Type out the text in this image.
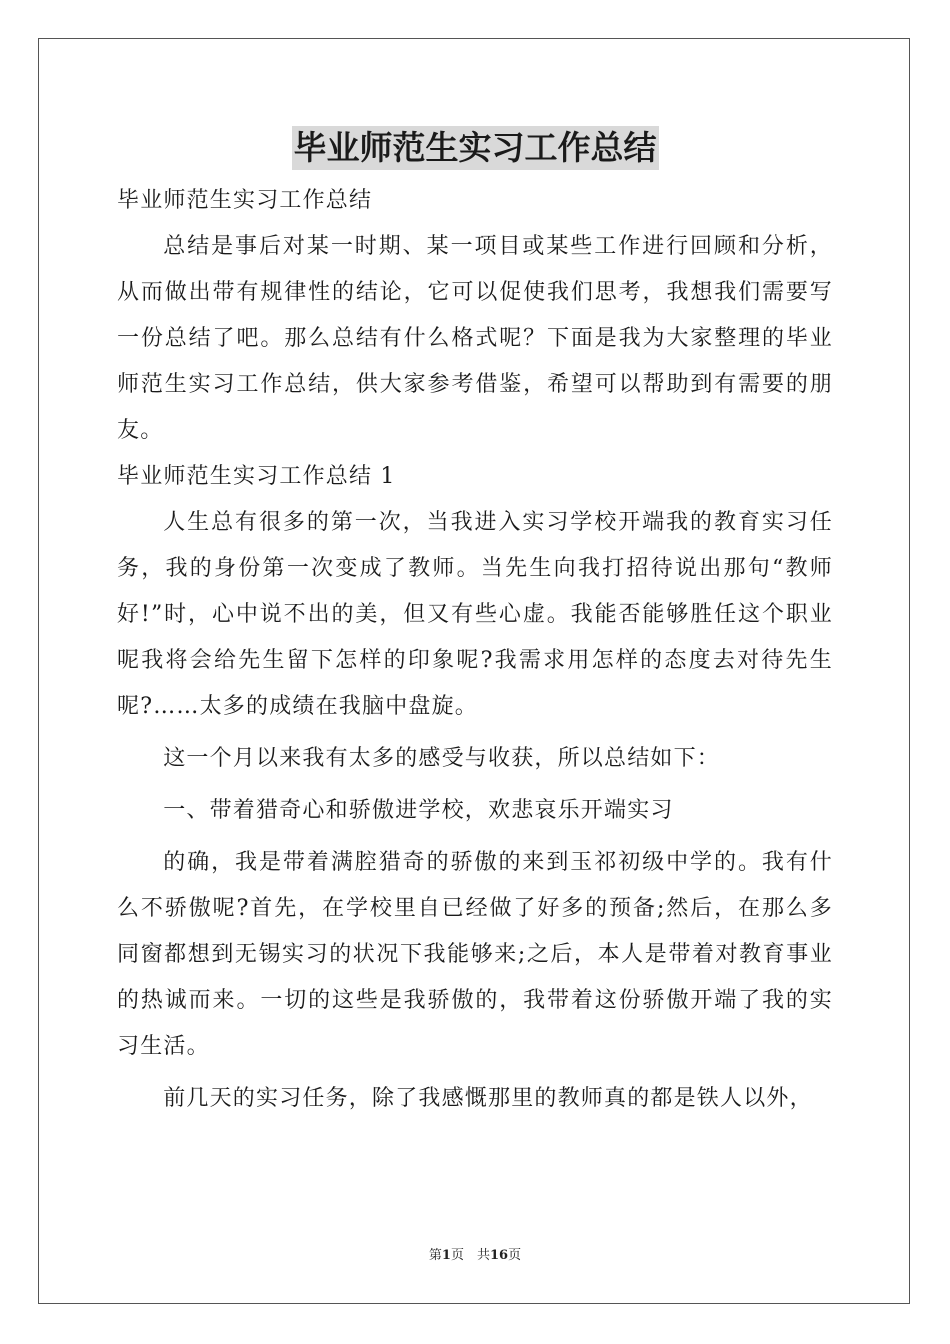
毕业师范生实习工作总结

毕业师范生实习工作总结

总结是事后对某一时期、某一项目或某些工作进行回顾和分析，从而做出带有规律性的结论，它可以促使我们思考，我想我们需要写一份总结了吧。那么总结有什么格式呢？下面是我为大家整理的毕业师范生实习工作总结，供大家参考借鉴，希望可以帮助到有需要的朋友。

毕业师范生实习工作总结 1

人生总有很多的第一次，当我进入实习学校开端我的教育实习任务，我的身份第一次变成了教师。当先生向我打招待说出那句“教师好!”时，心中说不出的美，但又有些心虚。我能否能够胜任这个职业呢我将会给先生留下怎样的印象呢?我需求用怎样的态度去对待先生呢?……太多的成绩在我脑中盘旋。

这一个月以来我有太多的感受与收获，所以总结如下：

一、带着猎奇心和骄傲进学校，欢悲哀乐开端实习

的确，我是带着满腔猎奇的骄傲的来到玉祁初级中学的。我有什么不骄傲呢?首先，在学校里自已经做了好多的预备;然后，在那么多同窗都想到无锡实习的状况下我能够来;之后，本人是带着对教育事业的热诚而来。一切的这些是我骄傲的，我带着这份骄傲开端了我的实习生活。

前几天的实习任务，除了我感慨那里的教师真的都是铁人以外，

第1页　共16页
